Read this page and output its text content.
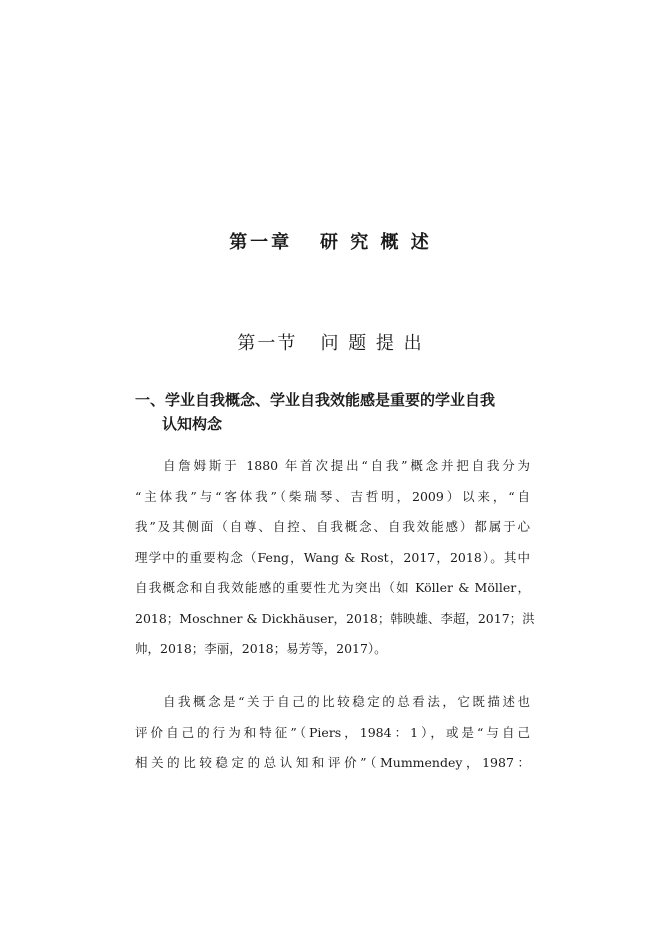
第一章   研 究 概 述
第一节   问 题 提 出
一、学业自我概念、学业自我效能感是重要的学业自我
认知构念
自詹姆斯于 1880 年首次提出“自我”概念并把自我分为
“主体我”与“客体我”（柴瑞琴、吉哲明，2009）以来，“自
我”及其侧面（自尊、自控、自我概念、自我效能感）都属于心
理学中的重要构念（Feng，Wang & Rost，2017，2018）。其中
自我概念和自我效能感的重要性尤为突出（如 Köller & Möller，
2018；Moschner & Dickhäuser，2018；韩映雄、李超，2017；洪
帅，2018；李丽，2018；易芳等，2017）。
自我概念是“关于自己的比较稳定的总看法，它既描述也
评价自己的行为和特征”（Piers，1984：1），或是“与自己
相关的比较稳定的总认知和评价”（Mummendey，1987：
